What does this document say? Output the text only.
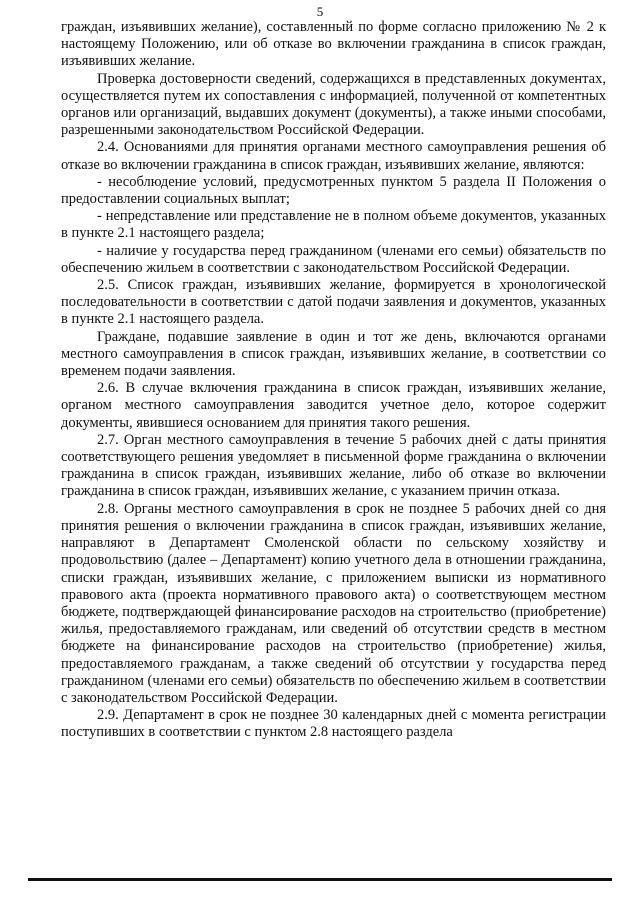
5

граждан, изъявивших желание), составленный по форме согласно приложению № 2 к настоящему Положению, или об отказе во включении гражданина в список граждан, изъявивших желание.

Проверка достоверности сведений, содержащихся в представленных документах, осуществляется путем их сопоставления с информацией, полученной от компетентных органов или организаций, выдавших документ (документы), а также иными способами, разрешенными законодательством Российской Федерации.

2.4. Основаниями для принятия органами местного самоуправления решения об отказе во включении гражданина в список граждан, изъявивших желание, являются:

- несоблюдение условий, предусмотренных пунктом 5 раздела II Положения о предоставлении социальных выплат;

- непредставление или представление не в полном объеме документов, указанных в пункте 2.1 настоящего раздела;

- наличие у государства перед гражданином (членами его семьи) обязательств по обеспечению жильем в соответствии с законодательством Российской Федерации.

2.5. Список граждан, изъявивших желание, формируется в хронологической последовательности в соответствии с датой подачи заявления и документов, указанных в пункте 2.1 настоящего раздела.

Граждане, подавшие заявление в один и тот же день, включаются органами местного самоуправления в список граждан, изъявивших желание, в соответствии со временем подачи заявления.

2.6. В случае включения гражданина в список граждан, изъявивших желание, органом местного самоуправления заводится учетное дело, которое содержит документы, явившиеся основанием для принятия такого решения.

2.7. Орган местного самоуправления в течение 5 рабочих дней с даты принятия соответствующего решения уведомляет в письменной форме гражданина о включении гражданина в список граждан, изъявивших желание, либо об отказе во включении гражданина в список граждан, изъявивших желание, с указанием причин отказа.

2.8. Органы местного самоуправления в срок не позднее 5 рабочих дней со дня принятия решения о включении гражданина в список граждан, изъявивших желание, направляют в Департамент Смоленской области по сельскому хозяйству и продовольствию (далее – Департамент) копию учетного дела в отношении гражданина, списки граждан, изъявивших желание, с приложением выписки из нормативного правового акта (проекта нормативного правового акта) о соответствующем местном бюджете, подтверждающей финансирование расходов на строительство (приобретение) жилья, предоставляемого гражданам, или сведений об отсутствии средств в местном бюджете на финансирование расходов на строительство (приобретение) жилья, предоставляемого гражданам, а также сведений об отсутствии у государства перед гражданином (членами его семьи) обязательств по обеспечению жильем в соответствии с законодательством Российской Федерации.

2.9. Департамент в срок не позднее 30 календарных дней с момента регистрации поступивших в соответствии с пунктом 2.8 настоящего раздела
